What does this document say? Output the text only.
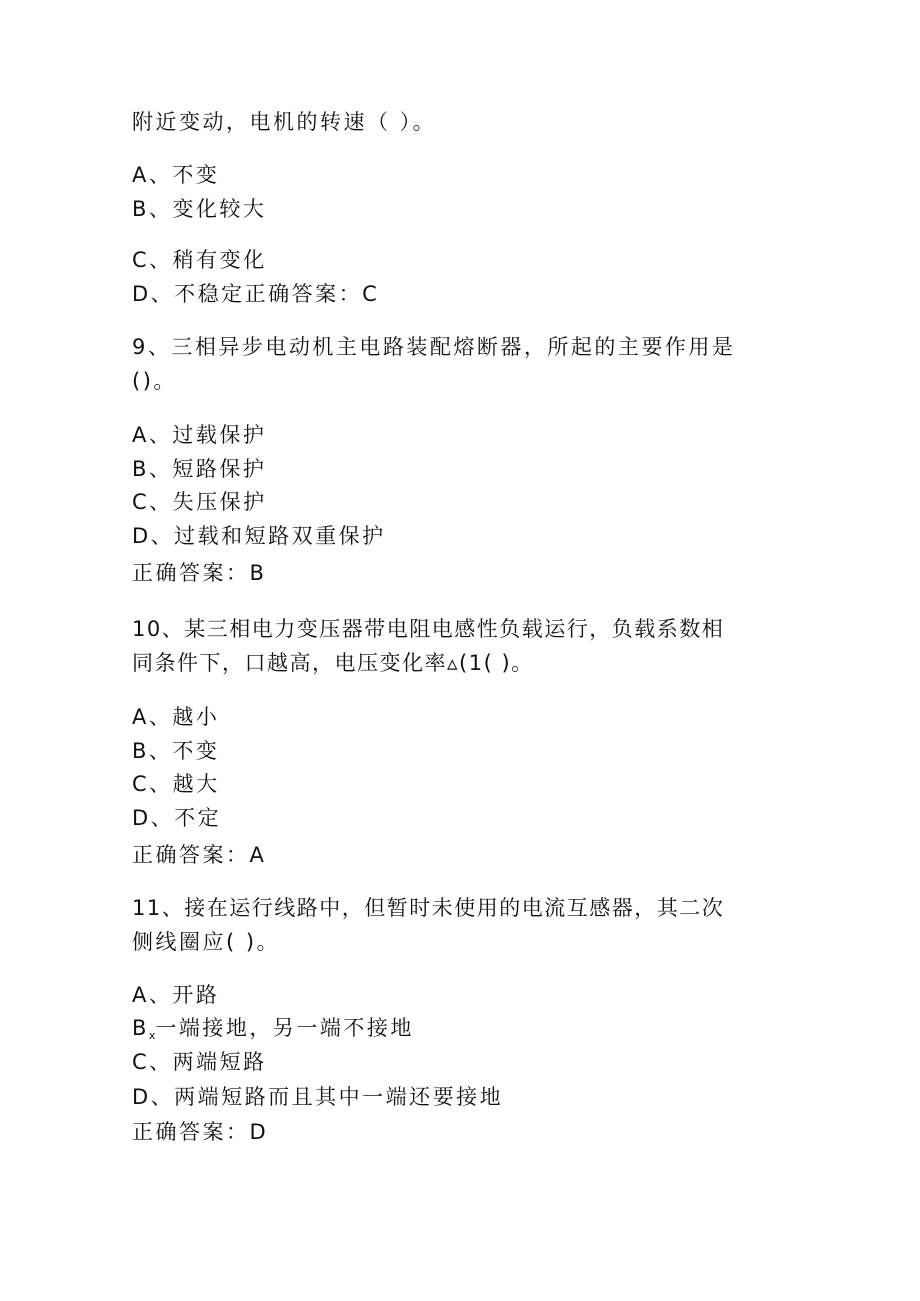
附近变动，电机的转速（ ）。
A、不变
B、变化较大
C、稍有变化
D、不稳定正确答案：C
9、三相异步电动机主电路装配熔断器，所起的主要作用是
()。
A、过载保护
B、短路保护
C、失压保护
D、过载和短路双重保护
正确答案：B
10、某三相电力变压器带电阻电感性负载运行，负载系数相
同条件下，口越高，电压变化率▵(1( )。
A、越小
B、不变
C、越大
D、不定
正确答案：A
11、接在运行线路中，但暂时未使用的电流互感器，其二次
侧线圈应( )。
A、开路
$B_x$一端接地，另一端不接地
C、两端短路
D、两端短路而且其中一端还要接地
正确答案：D
